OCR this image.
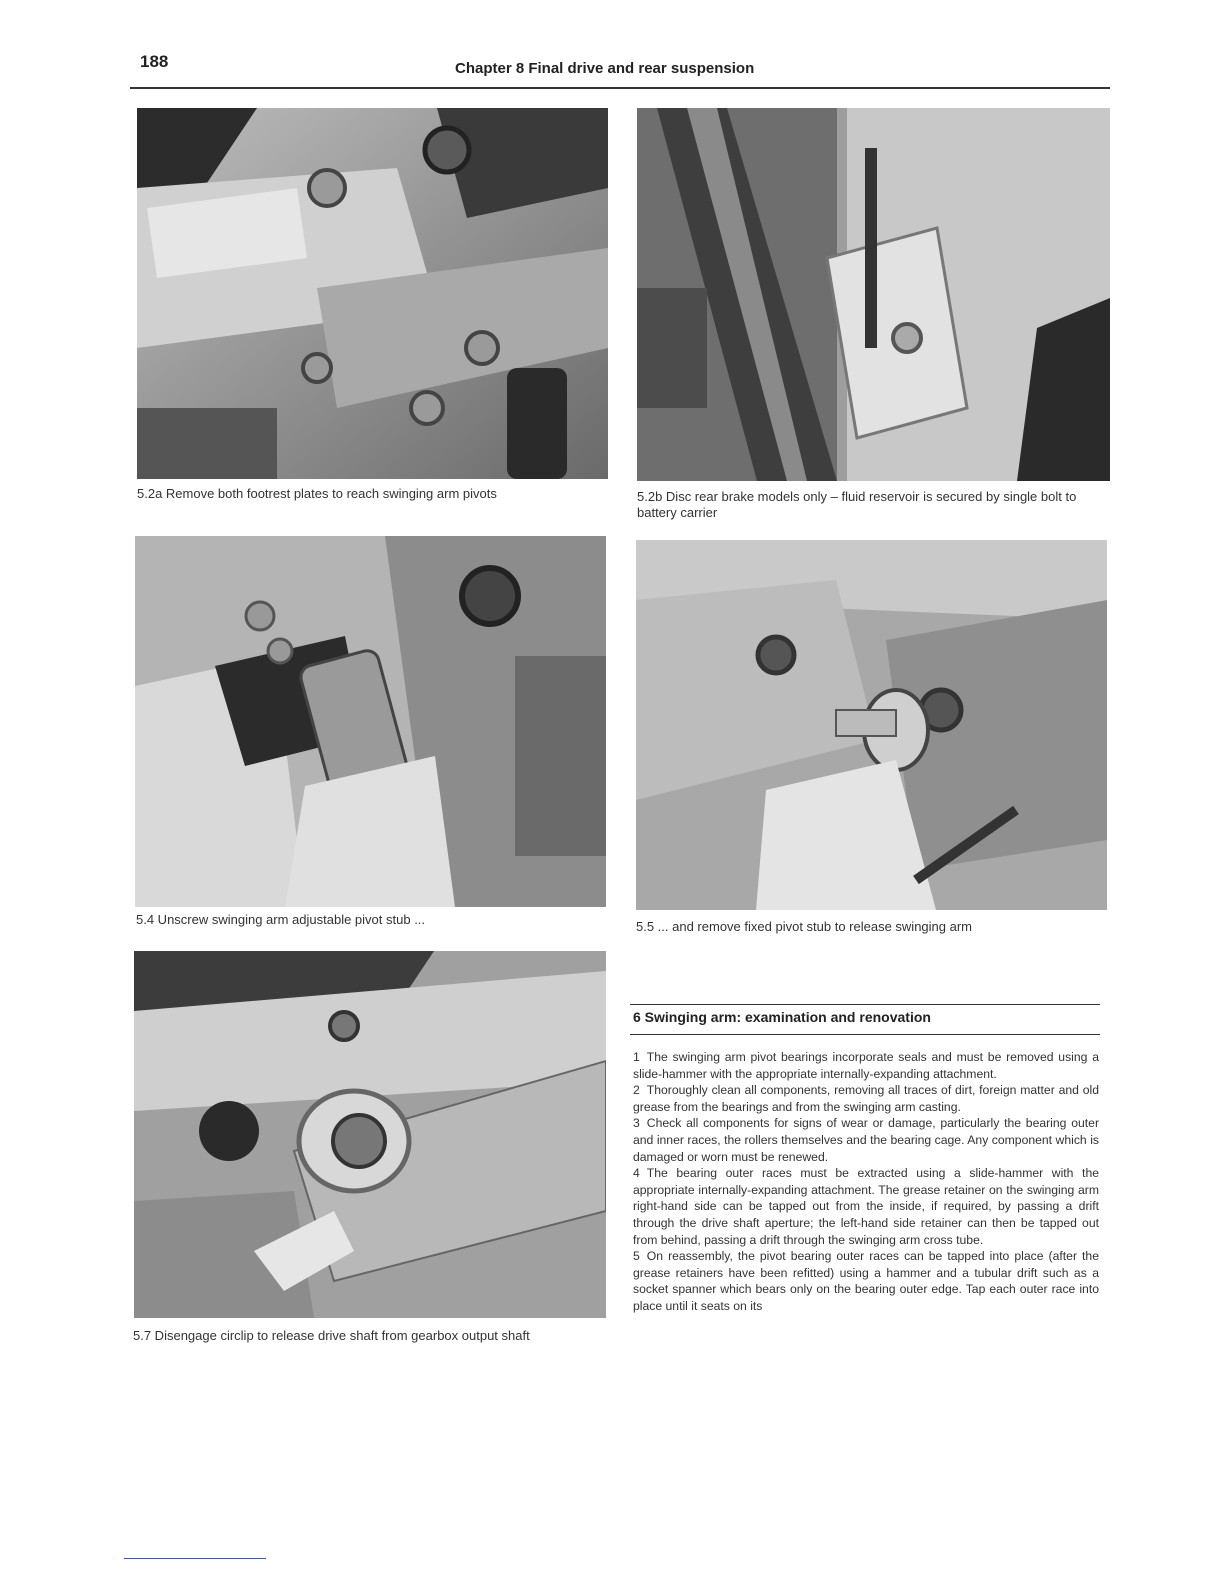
188	Chapter 8 Final drive and rear suspension
5.2a Remove both footrest plates to reach swinging arm pivots	5.2b Disc rear brake models only – fluid reservoir is secured by single bolt to battery carrier
5.4 Unscrew swinging arm adjustable pivot stub ...	5.5 ... and remove fixed pivot stub to release swinging arm
5.7 Disengage circlip to release drive shaft from gearbox output shaft
6 Swinging arm: examination and renovation

1 The swinging arm pivot bearings incorporate seals and must be removed using a slide-hammer with the appropriate internally-expanding attachment.

2 Thoroughly clean all components, removing all traces of dirt, foreign matter and old grease from the bearings and from the swinging arm casting.

3 Check all components for signs of wear or damage, particularly the bearing outer and inner races, the rollers themselves and the bearing cage. Any component which is damaged or worn must be renewed.

4 The bearing outer races must be extracted using a slide-hammer with the appropriate internally-expanding attachment. The grease retainer on the swinging arm right-hand side can be tapped out from the inside, if required, by passing a drift through the drive shaft aperture; the left-hand side retainer can then be tapped out from behind, passing a drift through the swinging arm cross tube.

5 On reassembly, the pivot bearing outer races can be tapped into place (after the grease retainers have been refitted) using a hammer and a tubular drift such as a socket spanner which bears only on the bearing outer edge. Tap each outer race into place until it seats on its
